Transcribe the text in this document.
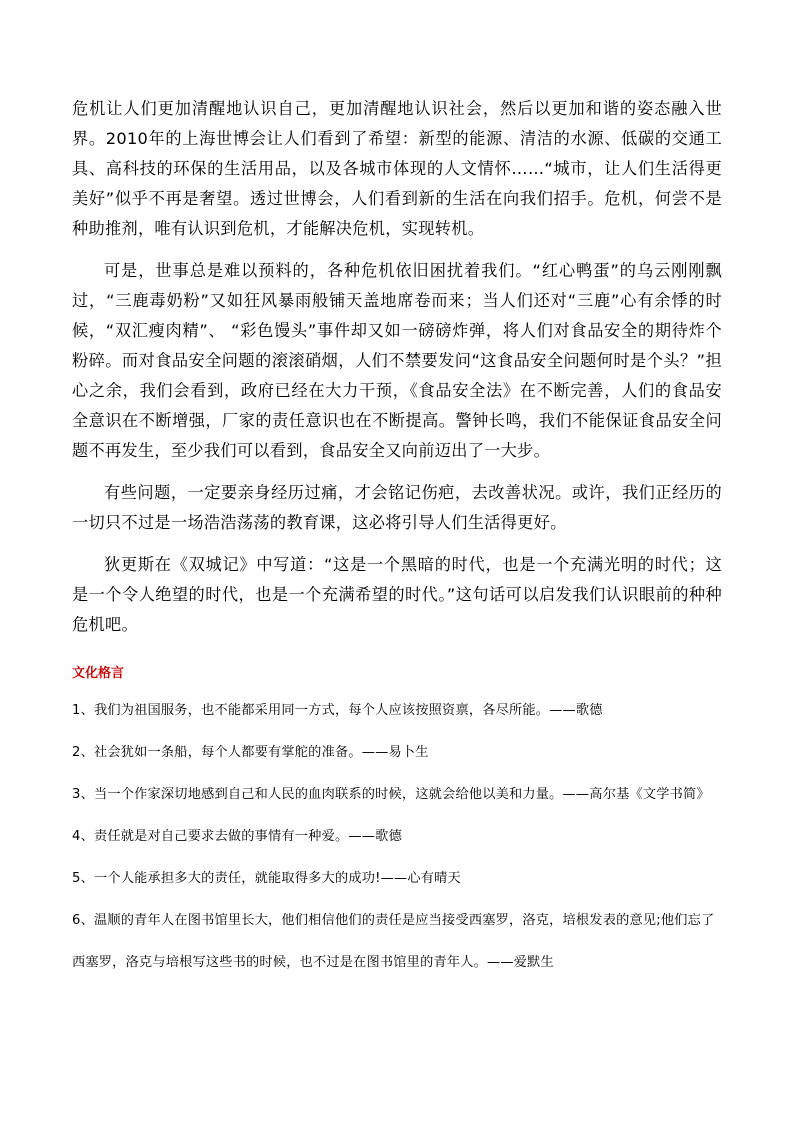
危机让人们更加清醒地认识自己，更加清醒地认识社会，然后以更加和谐的姿态融入世界。2010年的上海世博会让人们看到了希望：新型的能源、清洁的水源、低碳的交通工具、高科技的环保的生活用品，以及各城市体现的人文情怀……“城市，让人们生活得更美好”似乎不再是奢望。透过世博会，人们看到新的生活在向我们招手。危机，何尝不是种助推剂，唯有认识到危机，才能解决危机，实现转机。

可是，世事总是难以预料的，各种危机依旧困扰着我们。“红心鸭蛋”的乌云刚刚飘过，“三鹿毒奶粉”又如狂风暴雨般铺天盖地席卷而来；当人们还对“三鹿”心有余悸的时候，“双汇瘦肉精”、 “彩色馒头”事件却又如一磅磅炸弹，将人们对食品安全的期待炸个粉碎。而对食品安全问题的滚滚硝烟，人们不禁要发问“这食品安全问题何时是个头？”担心之余，我们会看到，政府已经在大力干预，《食品安全法》在不断完善，人们的食品安全意识在不断增强，厂家的责任意识也在不断提高。警钟长鸣，我们不能保证食品安全问题不再发生，至少我们可以看到，食品安全又向前迈出了一大步。

有些问题，一定要亲身经历过痛，才会铭记伤疤，去改善状况。或许，我们正经历的一切只不过是一场浩浩荡荡的教育课，这必将引导人们生活得更好。

狄更斯在《双城记》中写道：“这是一个黑暗的时代，也是一个充满光明的时代；这是一个令人绝望的时代，也是一个充满希望的时代。”这句话可以启发我们认识眼前的种种危机吧。

文化格言
1、我们为祖国服务，也不能都采用同一方式，每个人应该按照资禀，各尽所能。——歌德
2、社会犹如一条船，每个人都要有掌舵的准备。——易卜生
3、当一个作家深切地感到自己和人民的血肉联系的时候，这就会给他以美和力量。——高尔基《文学书简》
4、责任就是对自己要求去做的事情有一种爱。——歌德
5、一个人能承担多大的责任，就能取得多大的成功!——心有晴天
6、温顺的青年人在图书馆里长大，他们相信他们的责任是应当接受西塞罗，洛克，培根发表的意见;他们忘了西塞罗，洛克与培根写这些书的时候，也不过是在图书馆里的青年人。——爱默生
